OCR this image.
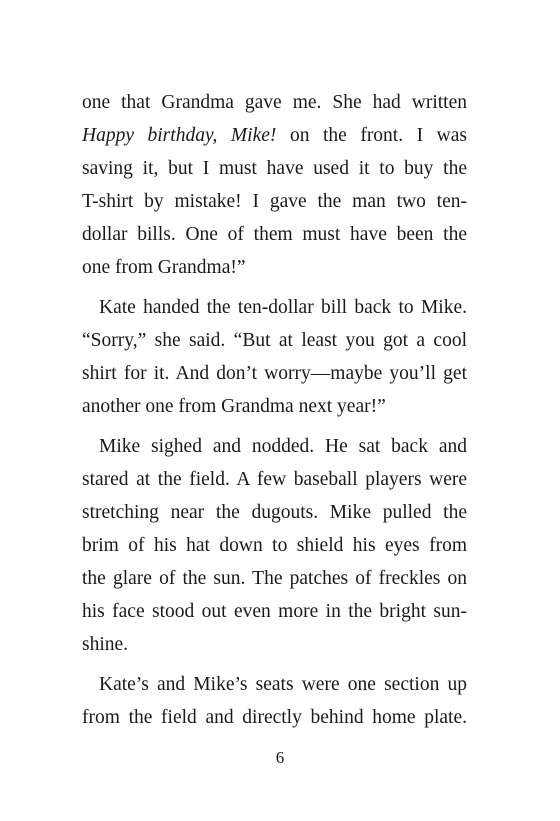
one that Grandma gave me. She had written
Happy birthday, Mike! on the front. I was
saving it, but I must have used it to buy the
T-shirt by mistake! I gave the man two ten-
dollar bills. One of them must have been the
one from Grandma!”
Kate handed the ten-dollar bill back to Mike.
“Sorry,” she said. “But at least you got a cool
shirt for it. And don’t worry—maybe you’ll get
another one from Grandma next year!”
Mike sighed and nodded. He sat back and
stared at the field. A few baseball players were
stretching near the dugouts. Mike pulled the
brim of his hat down to shield his eyes from
the glare of the sun. The patches of freckles on
his face stood out even more in the bright sun-
shine.
Kate’s and Mike’s seats were one section up
from the field and directly behind home plate.
6
